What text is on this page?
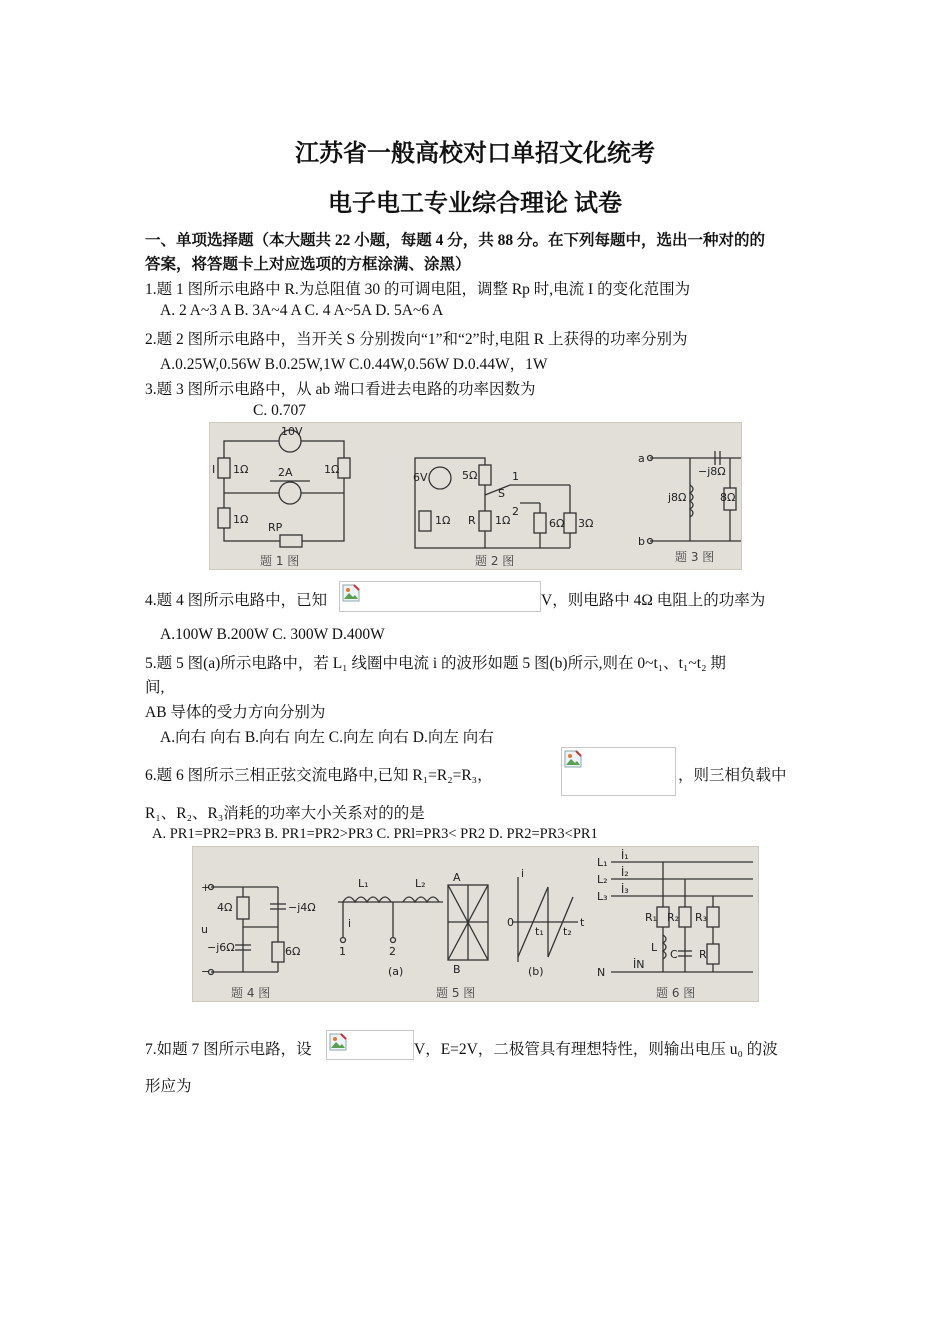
江苏省一般高校对口单招文化统考
电子电工专业综合理论 试卷
一、单项选择题（本大题共 22 小题，每题 4 分，共 88 分。在下列每题中，选出一种对的的
答案，将答题卡上对应选项的方框涂满、涂黑）
1.题 1 图所示电路中 R.为总阻值 30 的可调电阻，调整 Rp 时,电流 I 的变化范围为
A. 2 A~3 A B. 3A~4 A C. 4 A~5A D. 5A~6 A
2.题 2 图所示电路中，当开关 S 分别拨向“1”和“2”时,电阻 R 上获得的功率分别为
A.0.25W,0.56W B.0.25W,1W C.0.44W,0.56W D.0.44W，1W
3.题 3 图所示电路中，从 ab 端口看进去电路的功率因数为
C. 0.707
10V
2A
1Ω	1Ω
1Ω
RP
I
题 1 图
6V	5Ω
S
1
2
R
1Ω	1Ω	6Ω 3Ω
题 2 图
a
b
−j8Ω
j8Ω	8Ω
题 3 图
4.题 4 图所示电路中，已知	V，则电路中 4Ω 电阻上的功率为
A.100W B.200W C. 300W D.400W
5.题 5 图(a)所示电路中，若 L₁ 线圈中电流 i 的波形如题 5 图(b)所示,则在 0~t₁、t₁~t₂ 期
间,
AB 导体的受力方向分别为
A.向右 向右 B.向右 向左 C.向左 向右 D.向左 向右
6.题 6 图所示三相正弦交流电路中,已知 R₁=R₂=R₃，	，则三相负载中
R₁、R₂、R₃消耗的功率大小关系对的的是
A. PR1=PR2=PR3 B. PR1=PR2>PR3 C. PRl=PR3< PR2 D. PR2=PR3<PR1
+
−
u
4Ω	−j4Ω
−j6Ω	6Ω
题 4 图
L₁	L₂ A
B
i
1	2
(a)
i
t
0
t₁ t₂
(b)
题 5 图
L₁
L₂
L₃
N
İ₁
İ₂
İ₃
İN
R₁ R₂ R₃
L
C R
题 6 图
7.如题 7 图所示电路，设	V，E=2V，二极管具有理想特性，则输出电压 u₀ 的波
形应为
